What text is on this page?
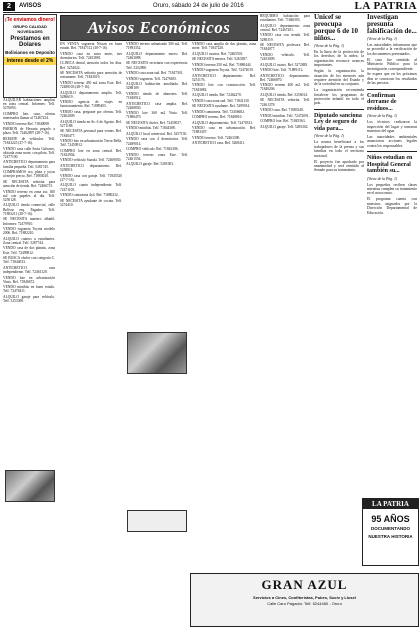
2	AVISOS	Oruro, sábado 24 de julio de 2016	LA PATRIA
¡Te enviamos dinero!
GRUPO CALIDAD NOVEDADES
Prestamos en Dolares
Bolivianos en Deposito
interes desde el 2%
Avisos Económicos
ALQUILER habitaciones amplias en zona central. Informes: Telf. 5276093.
COMPRO lote, casa, ofertas interesados llamar al 72467234.
VENDO terreno Ref. 71840098
PARRON de Hexaria pegado a plaza. Telf. 72462897 (28-7-16).
REMATE de vehículos. Telf. 71843225 (27-7-16).
VENDO casa calle Soria Galvarro, ubicada zona norte, con pileta. Telf. 72477100.
ANTICRETICO departamento para familia pequeña. Telf. 5281745.
COMPRAMOS oro, plata y joyas al mejor precio. Ref. 71883020.
SE NECESITA señorita para atención de tienda. Ref. 72466715.
VENDO terreno en zona sur, 300 m2 con papeles al día. Telf. 5250128.
ALQUILO tienda comercial, calle Bolívar esq. Pagador. Telf. 71883211 (28-7-16).
SE NECESITA maestro albañil. Informes: 72479910.
VENDO vagoneta Toyota modelo 2006. Ref. 71882210.
ALQUILO cuartos a estudiantes. Zona central. Telf. 5287744.
VENDO casa de dos plantas, zona Este. Telf. 72499812.
SE BUSCA chofer con categoría C. Telf. 71844033.
ANTICRETICO casa independiente. Telf. 72461120.
VENDO lote en urbanización Vinto. Ref. 71846672.
VENDO minibús en buen estado. Telf. 72476411.
ALQUILO garaje para vehículo. Telf. 5253308.
EN VENTA vagoneta Nissan en buen estado. Ref. 71847112 (30-7-16).
VENDO casa en zona norte, tres dormitorios. Telf. 72453881.
CLINICA dental, atención todos los días. Ref. 5254022.
SE NECESITA señorita para atención de restaurante. Telf. 71843019.
VENDO terreno 450 m2 zona Este. Ref. 72488103 (28-7-16).
ALQUILO departamento amplio. Telf. 5286619.
VENDO agencia de viajes en funcionamiento. Ref. 71889403.
VENDO casa, pregunte por ofertas. Telf. 72462009.
ALQUILO tienda en Av. 6 de Agosto. Ref. 5271188.
SE NECESITA personal para ventas. Ref. 71840477.
VENDO lote en urbanización Tierra Bella. Telf. 72450912.
COMPRO lote en zona central. Ref. 71822904.
VENDO vehículo Suzuki. Telf. 72469030.
ANTICRETICO departamento. Ref. 5258811.
VENDO casa con garaje. Telf. 71845520 (27-7-16).
ALQUILO cuarto independiente. Telf. 72471105.
VENDO camioneta 4x4. Ref. 71880232.
SE NECESITA ayudante de cocina. Telf. 5274410.
VENDO terreno urbanizado 300 m2. Telf. 71893352.
ALQUILO departamento nuevo. Ref. 72463088.
SE NECESITA secretaria con experiencia. Telf. 5252890.
VENDO casa zona sud. Ref. 71847301.
VENDO vagoneta. Telf. 72476655.
ALQUILO habitación amoblada. Ref. 5288109.
VENDO tienda de abarrotes. Telf. 71840912.
ANTICRETICO casa amplia. Ref. 72468830.
VENDO lote 360 m2 Vinto. Telf. 71886470.
SE NECESITA chofer. Ref. 72450017.
VENDO minibús. Telf. 71844388.
ALQUILO local comercial. Ref. 5257130.
VENDO casa con 4 dormitorios. Telf. 72489014.
COMPRO vehículo. Ref. 71843306.
VENDO terreno zona Este. Telf. 72461554.
ALQUILO garaje. Ref. 5281003.
VENDO casa amplia de dos plantas, zona norte. Telf. 71847220.
ALQUILO cuartos. Ref. 72465501.
SE NECESITA mesera. Telf. 5263387.
VENDO terreno 250 m2. Ref. 71880444.
VENDO vagoneta Toyota. Telf. 72474019.
ANTICRETICO departamento. Ref. 5251176.
VENDO lote con construcción. Telf. 71843882.
ALQUILO tienda. Ref. 72462270.
VENDO casa zona sud. Telf. 71841130.
SE NECESITA ayudante. Ref. 5289014.
VENDO camioneta. Telf. 72456602.
COMPRO terreno. Ref. 71848810.
ALQUILO departamento. Telf. 72470331.
VENDO casa en urbanización. Ref. 71883307.
VENDO terreno. Telf. 72463390.
ANTICRETICO casa. Ref. 5268411.
REQUIERO habitación para estudiantes. Telf. 71846503.
ALQUILO departamento zona central. Ref. 72467201.
VENDO casa con tienda. Telf. 5280319.
SE NECESITA profesora. Ref. 71844077.
VENDO vehículo. Telf. 72453009.
ALQUILO cuarto. Ref. 5272883.
VENDO lote. Telf. 71889112.
ANTICRETICO departamento. Ref. 72466870.
VENDO terreno 400 m2. Telf. 71840206.
ALQUILO tienda. Ref. 5256014.
SE NECESITA señorita. Telf. 72461378.
VENDO casa. Ref. 71883340.
VENDO minibús. Telf. 72472091.
COMPRO lote. Ref. 71845563.
ALQUILO garaje. Telf. 5283302.
Unicef se preocupa porque 6 de 10 niños...
(Viene de la Pág. 1)
En la línea de la protección de los derechos de la niñez, la organización reconoce avances importantes.
Según la organización, la situación de los menores aún requiere atención del Estado y de la sociedad en su conjunto.
La organización recomienda fortalecer los programas de protección infantil en todo el país.
Diputado sanciona Ley de seguro de vida para...
(Viene de la Pág. 1)
La norma beneficiará a los trabajadores de la prensa y sus familias en todo el territorio nacional.
El proyecto fue aprobado por unanimidad y será remitido al Senado para su tratamiento.
Investigan presunta falsificación de...
(Viene de la Pág. 1)
Las autoridades informaron que se procedió a la verificación de los documentos presentados.
El caso fue remitido al Ministerio Público para la investigación correspondiente.
Se espera que en los próximos días se conozcan los resultados de las pericias.
Confirman derrame de residuos...
(Viene de la Pág. 1)
Los técnicos realizaron la inspección del lugar y tomaron muestras del agua.
Las autoridades ambientales anunciaron acciones legales contra los responsables.
Niños estudian en Hospital General también su...
(Viene de la Pág. 1)
Los pequeños reciben clases mientras cumplen su tratamiento en el nosocomio.
El programa cuenta con maestros asignados por la Dirección Departamental de Educación.
LA PATRIA
95 AÑOS
DOCUMENTANDO
NUESTRA HISTORIA
GRAN AZUL
Servicios a Cines, Confiteristas, Pubes, Suciv y Liusel
Calle Caro Pagador. Telf. 5244460 - Oruro
